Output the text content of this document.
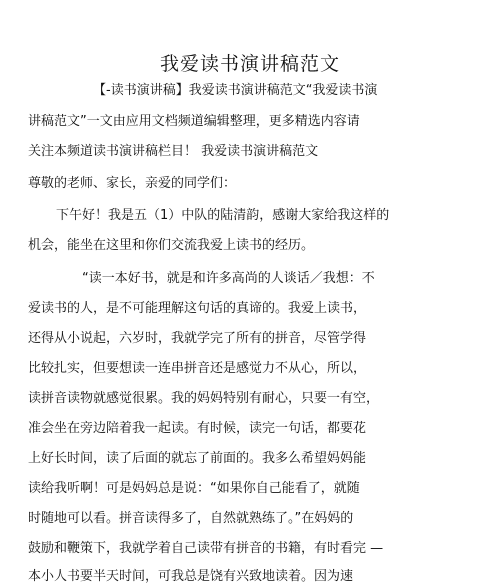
我爱读书演讲稿范文

【-读书演讲稿】我爱读书演讲稿范文“我爱读书演

讲稿范文”一文由应用文档频道编辑整理，更多精选内容请

关注本频道读书演讲稿栏目！ 我爱读书演讲稿范文

尊敬的老师、家长，亲爱的同学们：

下午好！我是五（1）中队的陆清韵，感谢大家给我这样的

机会，能坐在这里和你们交流我爱上读书的经历。

“读一本好书，就是和许多高尚的人谈话／我想：不

爱读书的人，是不可能理解这句话的真谛的。我爱上读书，

还得从小说起，六岁时，我就学完了所有的拼音，尽管学得

比较扎实，但要想读一连串拼音还是感觉力不从心，所以，

读拼音读物就感觉很累。我的妈妈特别有耐心，只要一有空，

准会坐在旁边陪着我一起读。有时候，读完一句话，都要花

上好长时间，读了后面的就忘了前面的。我多么希望妈妈能

读给我听啊！可是妈妈总是说：“如果你自己能看了，就随

时随地可以看。拼音读得多了，自然就熟练了。”在妈妈的

鼓励和鞭策下，我就学着自己读带有拼音的书籍，有时看完 —

本小人书要半天时间，可我总是饶有兴致地读着。因为速
